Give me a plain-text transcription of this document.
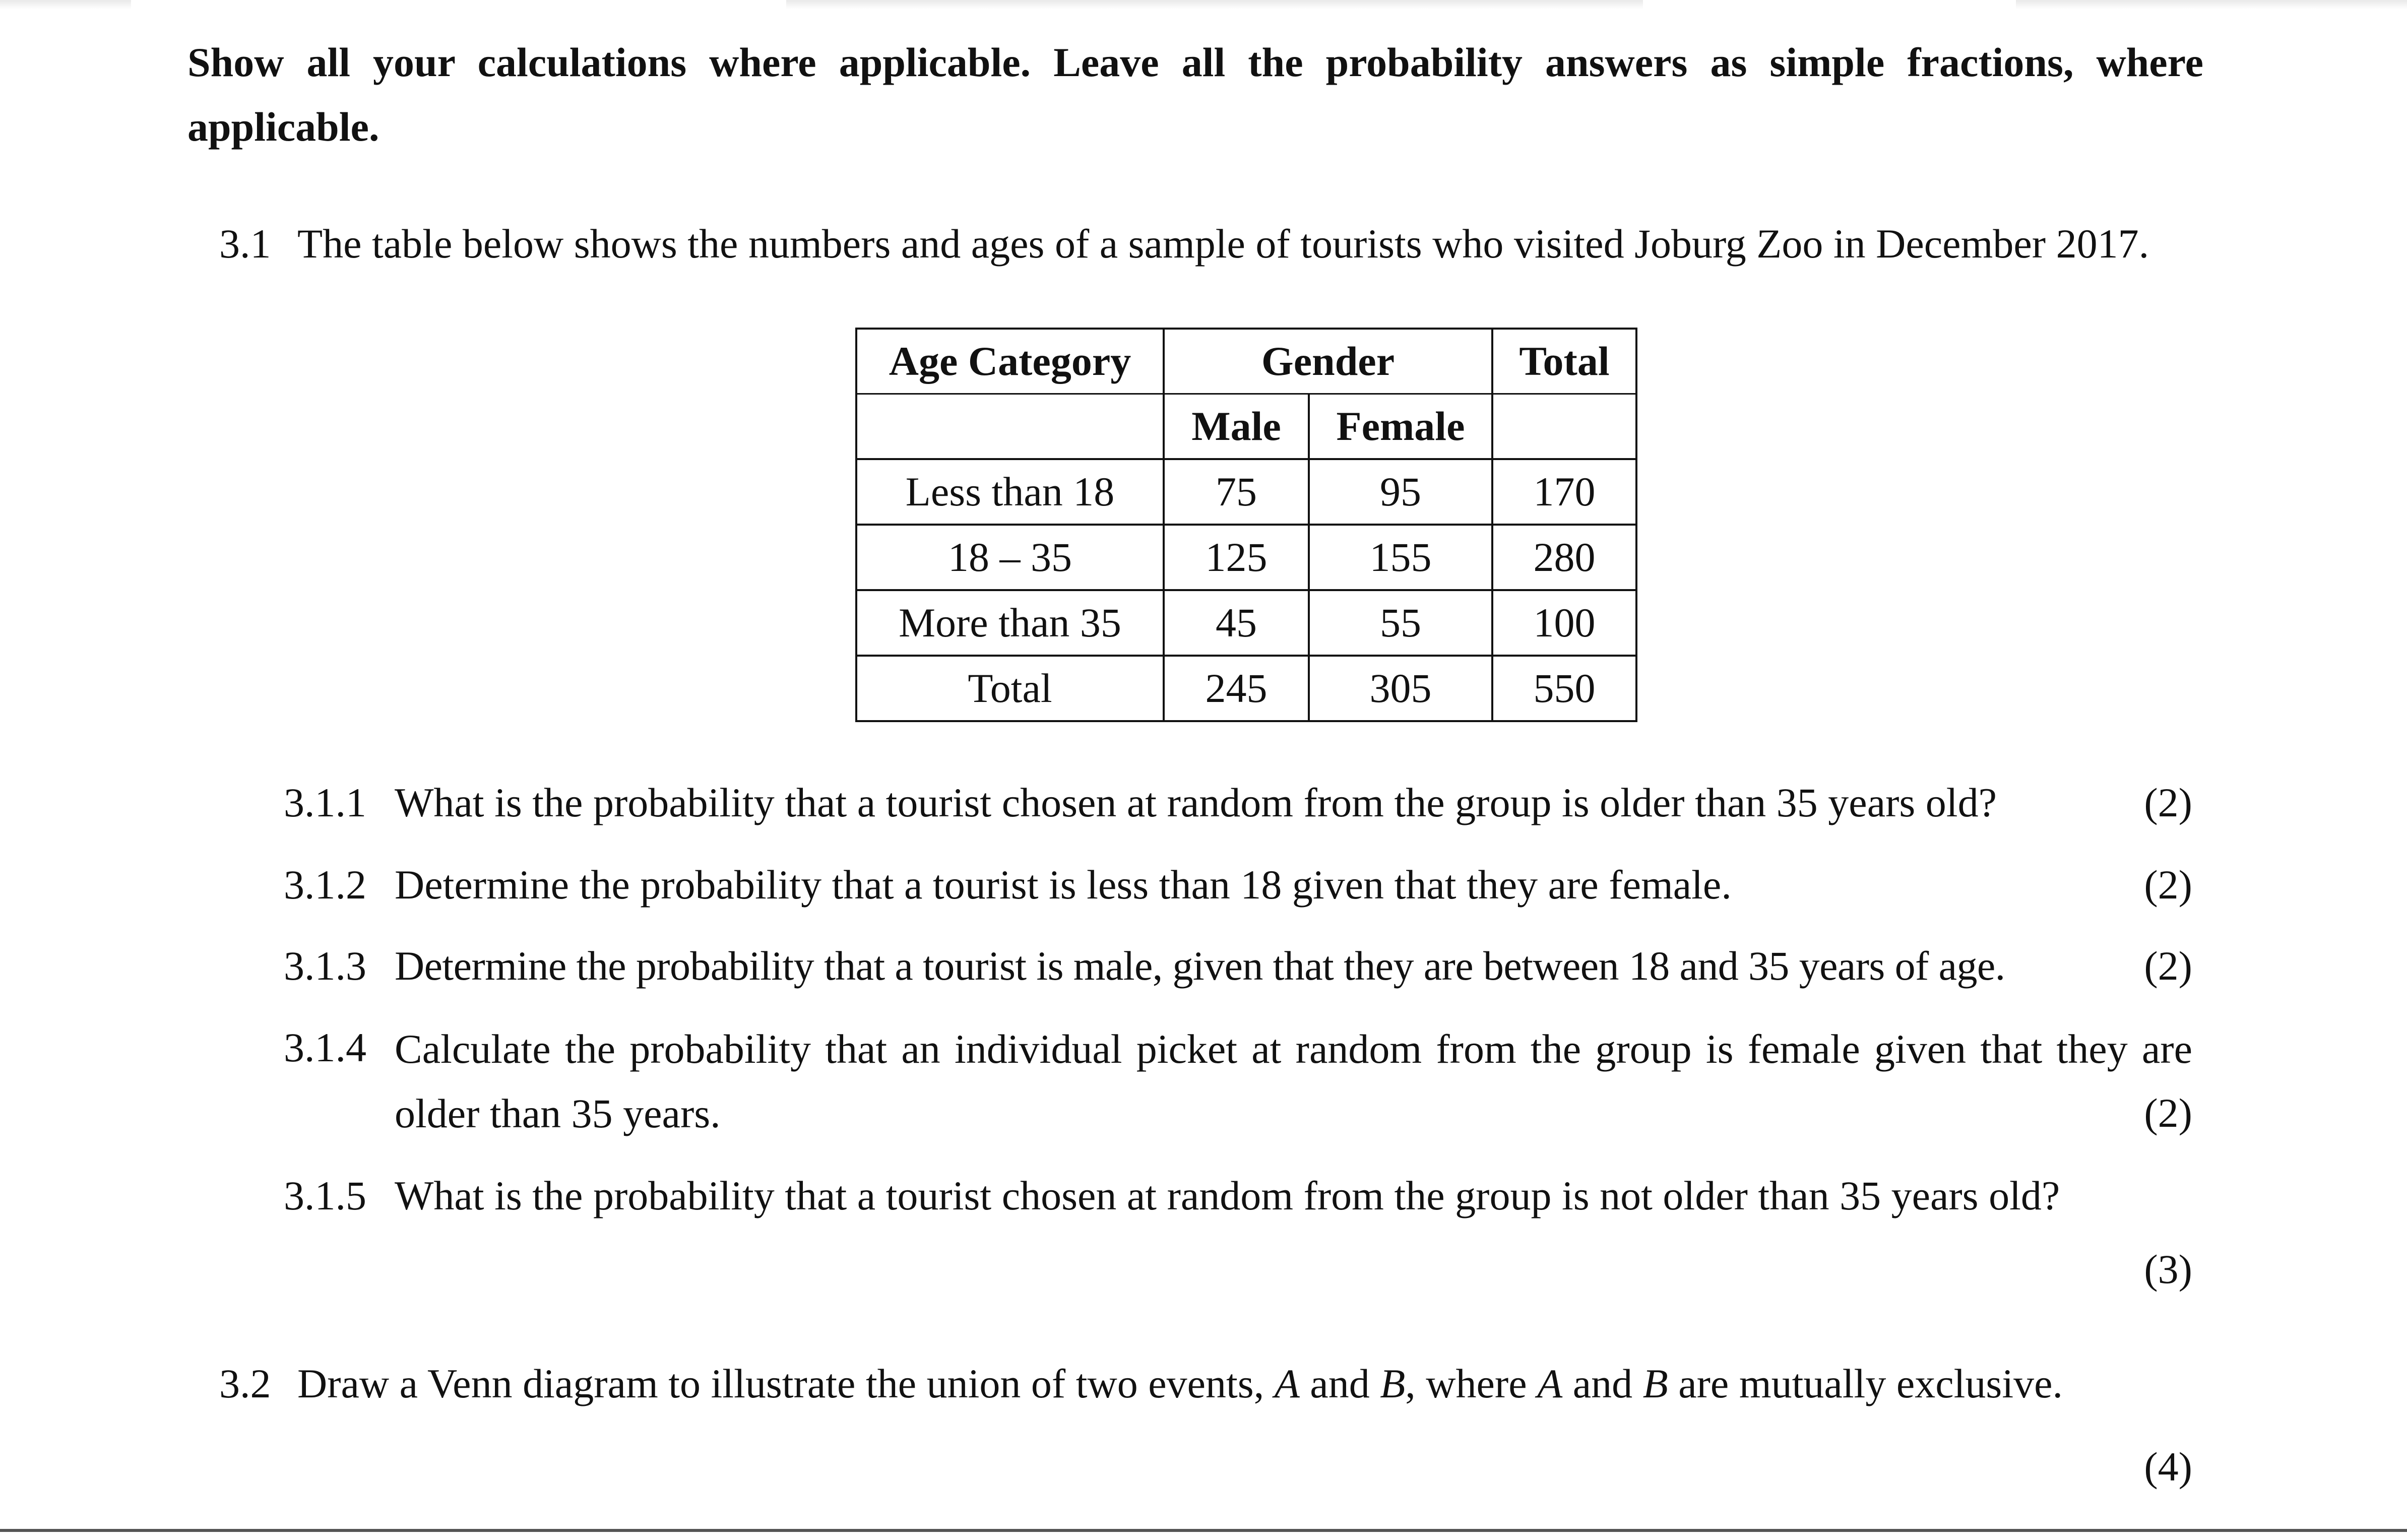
Show all your calculations where applicable. Leave all the probability answers as simple fractions, where applicable.

3.1 The table below shows the numbers and ages of a sample of tourists who visited Joburg Zoo in December 2017.

Age Category	Gender		Total
	Male	Female	
Less than 18	75	95	170
18 – 35	125	155	280
More than 35	45	55	100
Total	245	305	550
3.1.1 What is the probability that a tourist chosen at random from the group is older than 35 years old?	(2)
3.1.2 Determine the probability that a tourist is less than 18 given that they are female.	(2)
3.1.3 Determine the probability that a tourist is male, given that they are between 18 and 35 years of age.	(2)
3.1.4 Calculate the probability that an individual picket at random from the group is female given that they are older than 35 years.	(2)
3.1.5 What is the probability that a tourist chosen at random from the group is not older than 35 years old?
(3)
3.2 Draw a Venn diagram to illustrate the union of two events, A and B, where A and B are mutually exclusive.
(4)
